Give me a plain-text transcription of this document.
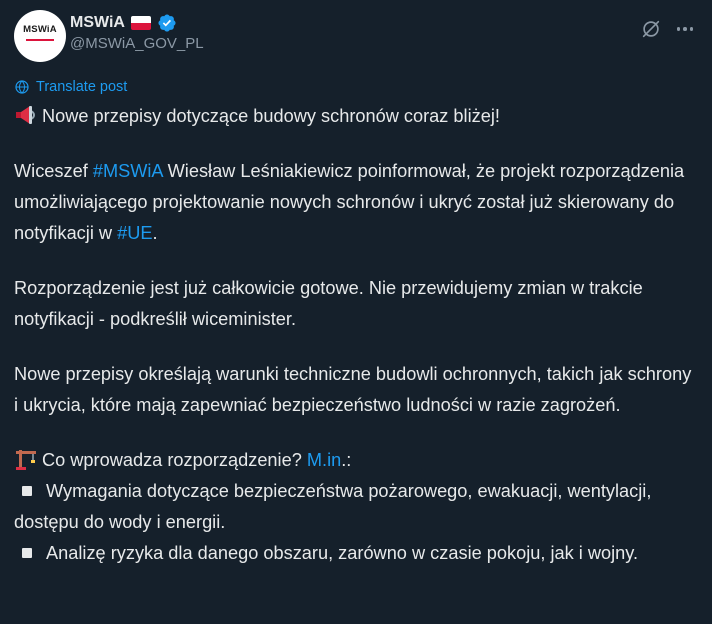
MSWiA MSWiA
@MSWiA_GOV_PL
Translate post

Nowe przepisy dotyczące budowy schronów coraz bliżej!

Wiceszef #MSWiA Wiesław Leśniakiewicz poinformował, że projekt rozporządzenia umożliwiającego projektowanie nowych schronów i ukryć został już skierowany do notyfikacji w #UE.

Rozporządzenie jest już całkowicie gotowe. Nie przewidujemy zmian w trakcie notyfikacji - podkreślił wiceminister.

Nowe przepisy określają warunki techniczne budowli ochronnych, takich jak schrony i ukrycia, które mają zapewniać bezpieczeństwo ludności w razie zagrożeń.

Co wprowadza rozporządzenie? M.in.:

Wymagania dotyczące bezpieczeństwa pożarowego, ewakuacji, wentylacji, dostępu do wody i energii.

Analizę ryzyka dla danego obszaru, zarówno w czasie pokoju, jak i wojny.
